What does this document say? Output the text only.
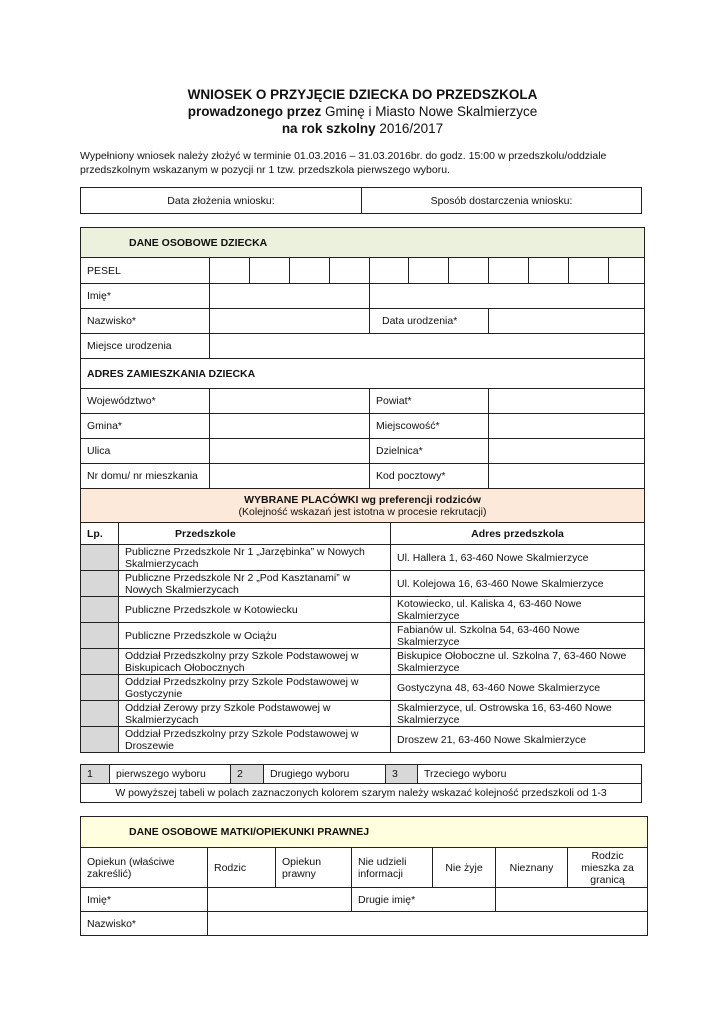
WNIOSEK O PRZYJĘCIE DZIECKA DO PRZEDSZKOLA
prowadzonego przez Gminę i Miasto Nowe Skalmierzyce
na rok szkolny 2016/2017
Wypełniony wniosek należy złożyć w terminie 01.03.2016 – 31.03.2016br. do godz. 15:00 w przedszkolu/oddziale przedszkolnym wskazanym w pozycji nr 1 tzw. przedszkola pierwszego wyboru.
Data złożenia wniosku:	Sposób dostarczenia wniosku:
DANE OSOBOWE DZIECKA											
PESEL											
Imię*											
Nazwisko*					Data urodzenia*						
Miejsce urodzenia											
ADRES ZAMIESZKANIA DZIECKA											
Województwo*					Powiat*						
Gmina*					Miejscowość*						
Ulica					Dzielnica*						
Nr domu/ nr mieszkania					Kod pocztowy*						
WYBRANE PLACÓWKI wg preferencji rodziców
(Kolejność wskazań jest istotna w procesie rekrutacji)		

Lp.	Przedszkole	Adres przedszkola
	Publiczne Przedszkole Nr 1 „Jarzębinka” w Nowych Skalmierzycach	Ul. Hallera 1, 63-460 Nowe Skalmierzyce
	Publiczne Przedszkole Nr 2 „Pod Kasztanami” w Nowych Skalmierzycach	Ul. Kolejowa 16, 63-460 Nowe Skalmierzyce
	Publiczne Przedszkole w Kotowiecku	Kotowiecko, ul. Kaliska 4, 63-460 Nowe Skalmierzyce
	Publiczne Przedszkole w Ociążu	Fabianów ul. Szkolna 54, 63-460 Nowe Skalmierzyce
	Oddział Przedszkolny przy Szkole Podstawowej w Biskupicach Ołobocznych	Biskupice Ołoboczne ul. Szkolna 7, 63-460 Nowe Skalmierzyce
	Oddział Przedszkolny przy Szkole Podstawowej w Gostyczynie	Gostyczyna 48, 63-460 Nowe Skalmierzyce
	Oddział Zerowy przy Szkole Podstawowej w Skalmierzycach	Skalmierzyce, ul. Ostrowska 16, 63-460 Nowe Skalmierzyce
	Oddział Przedszkolny przy Szkole Podstawowej w Droszewie	Droszew 21, 63-460 Nowe Skalmierzyce
1	pierwszego wyboru	2	Drugiego wyboru	3	Trzeciego wyboru
W powyższej tabeli w polach zaznaczonych kolorem szarym należy wskazać kolejność przedszkoli od 1-3
DANE OSOBOWE MATKI/OPIEKUNKI PRAWNEJ						
Opiekun (właściwe zakreślić)	Rodzic	Opiekun prawny	Nie udzieli informacji	Nie żyje	Nieznany	Rodzic mieszka za granicą
Imię*			Drugie imię*			
Nazwisko*						
